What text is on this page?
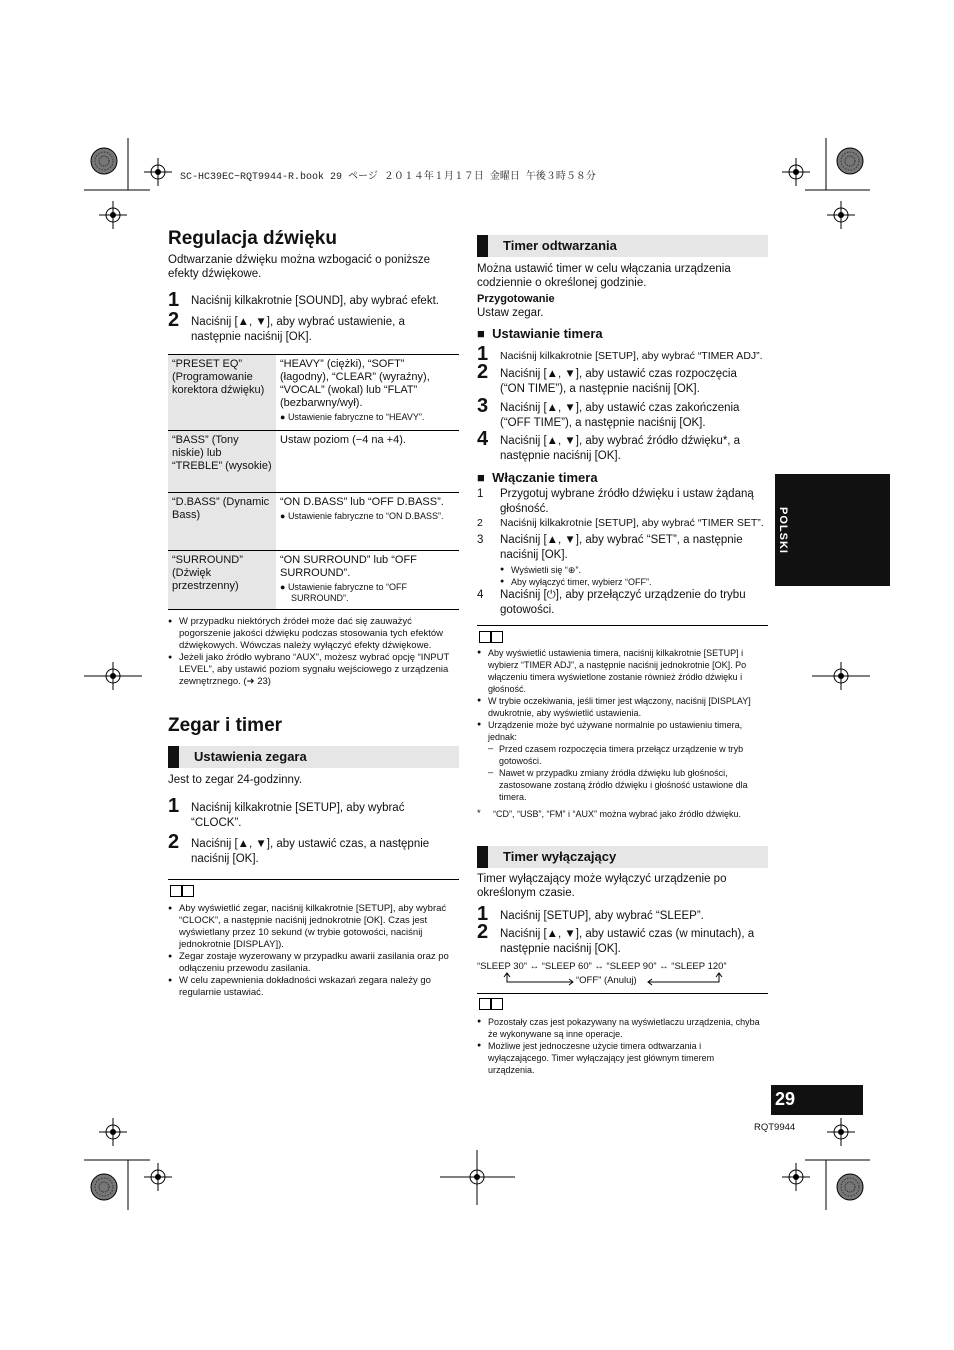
SC-HC39EC~RQT9944-R.book 29 ページ ２０１４年１月１７日 金曜日 午後３時５８分
Regulacja dźwięku
Odtwarzanie dźwięku można wzbogacić o poniższe efekty dźwiękowe.
1 Naciśnij kilkakrotnie [SOUND], aby wybrać efekt.
2 Naciśnij [▲, ▼], aby wybrać ustawienie, a następnie naciśnij [OK].
“PRESET EQ” (Programowanie korektora dźwięku)	“HEAVY” (ciężki), “SOFT” (łagodny), “CLEAR” (wyraźny), “VOCAL” (wokal) lub “FLAT” (bezbarwny/wył).
● Ustawienie fabryczne to “HEAVY”.

“BASS” (Tony niskie) lub “TREBLE” (wysokie)	Ustaw poziom (−4 na +4).
“D.BASS” (Dynamic Bass)	“ON D.BASS” lub “OFF D.BASS”.
● Ustawienie fabryczne to “ON D.BASS”.

“SURROUND” (Dźwięk przestrzenny)	“ON SURROUND” lub “OFF SURROUND”.
● Ustawienie fabryczne to “OFF SURROUND”.
● W przypadku niektórych źródeł może dać się zauważyć pogorszenie jakości dźwięku podczas stosowania tych efektów dźwiękowych. Wówczas należy wyłączyć efekty dźwiękowe.
● Jeżeli jako źródło wybrano “AUX”, możesz wybrać opcję “INPUT LEVEL”, aby ustawić poziom sygnału wejściowego z urządzenia zewnętrznego. (➜ 23)
Zegar i timer
Ustawienia zegara
Jest to zegar 24-godzinny.
1 Naciśnij kilkakrotnie [SETUP], aby wybrać “CLOCK”.
2 Naciśnij [▲, ▼], aby ustawić czas, a następnie naciśnij [OK].
● Aby wyświetlić zegar, naciśnij kilkakrotnie [SETUP], aby wybrać “CLOCK”, a następnie naciśnij jednokrotnie [OK]. Czas jest wyświetlany przez 10 sekund (w trybie gotowości, naciśnij jednokrotnie [DISPLAY]).
● Zegar zostaje wyzerowany w przypadku awarii zasilania oraz po odłączeniu przewodu zasilania.
● W celu zapewnienia dokładności wskazań zegara należy go regularnie ustawiać.
Timer odtwarzania
Można ustawić timer w celu włączania urządzenia codziennie o określonej godzinie.
Przygotowanie
Ustaw zegar.
■  Ustawianie timera
1 Naciśnij kilkakrotnie [SETUP], aby wybrać “TIMER ADJ”.
2 Naciśnij [▲, ▼], aby ustawić czas rozpoczęcia (“ON TIME”), a następnie naciśnij [OK].
3 Naciśnij [▲, ▼], aby ustawić czas zakończenia (“OFF TIME”), a następnie naciśnij [OK].
4 Naciśnij [▲, ▼], aby wybrać źródło dźwięku*, a następnie naciśnij [OK].
■  Włączanie timera
1 Przygotuj wybrane źródło dźwięku i ustaw żądaną głośność.
2 Naciśnij kilkakrotnie [SETUP], aby wybrać “TIMER SET”.
3 Naciśnij [▲, ▼], aby wybrać “SET”, a następnie naciśnij [OK].
● Wyświetli się “⊕”.
● Aby wyłączyć timer, wybierz “OFF”.
4 Naciśnij [⏻], aby przełączyć urządzenie do trybu gotowości.
● Aby wyświetlić ustawienia timera, naciśnij kilkakrotnie [SETUP] i wybierz “TIMER ADJ”, a następnie naciśnij jednokrotnie [OK]. Po włączeniu timera wyświetlone zostanie również źródło dźwięku i głośność.
● W trybie oczekiwania, jeśli timer jest włączony, naciśnij [DISPLAY] dwukrotnie, aby wyświetlić ustawienia.
● Urządzenie może być używane normalnie po ustawieniu timera, jednak:
– Przed czasem rozpoczęcia timera przełącz urządzenie w tryb gotowości.
– Nawet w przypadku zmiany źródła dźwięku lub głośności, zastosowane zostaną źródło dźwięku i głośność ustawione dla timera.
* “CD”, “USB”, “FM” i “AUX” można wybrać jako źródło dźwięku.
Timer wyłączający
Timer wyłączający może wyłączyć urządzenie po określonym czasie.
1 Naciśnij [SETUP], aby wybrać “SLEEP”.
2 Naciśnij [▲, ▼], aby ustawić czas (w minutach), a następnie naciśnij [OK].
“SLEEP 30” ↔ “SLEEP 60” ↔ “SLEEP 90” ↔ “SLEEP 120”
“OFF” (Anuluj)
● Pozostały czas jest pokazywany na wyświetlaczu urządzenia, chyba że wykonywane są inne operacje.
● Możliwe jest jednoczesne użycie timera odtwarzania i wyłączającego. Timer wyłączający jest głównym timerem urządzenia.
POLSKI
29
RQT9944
